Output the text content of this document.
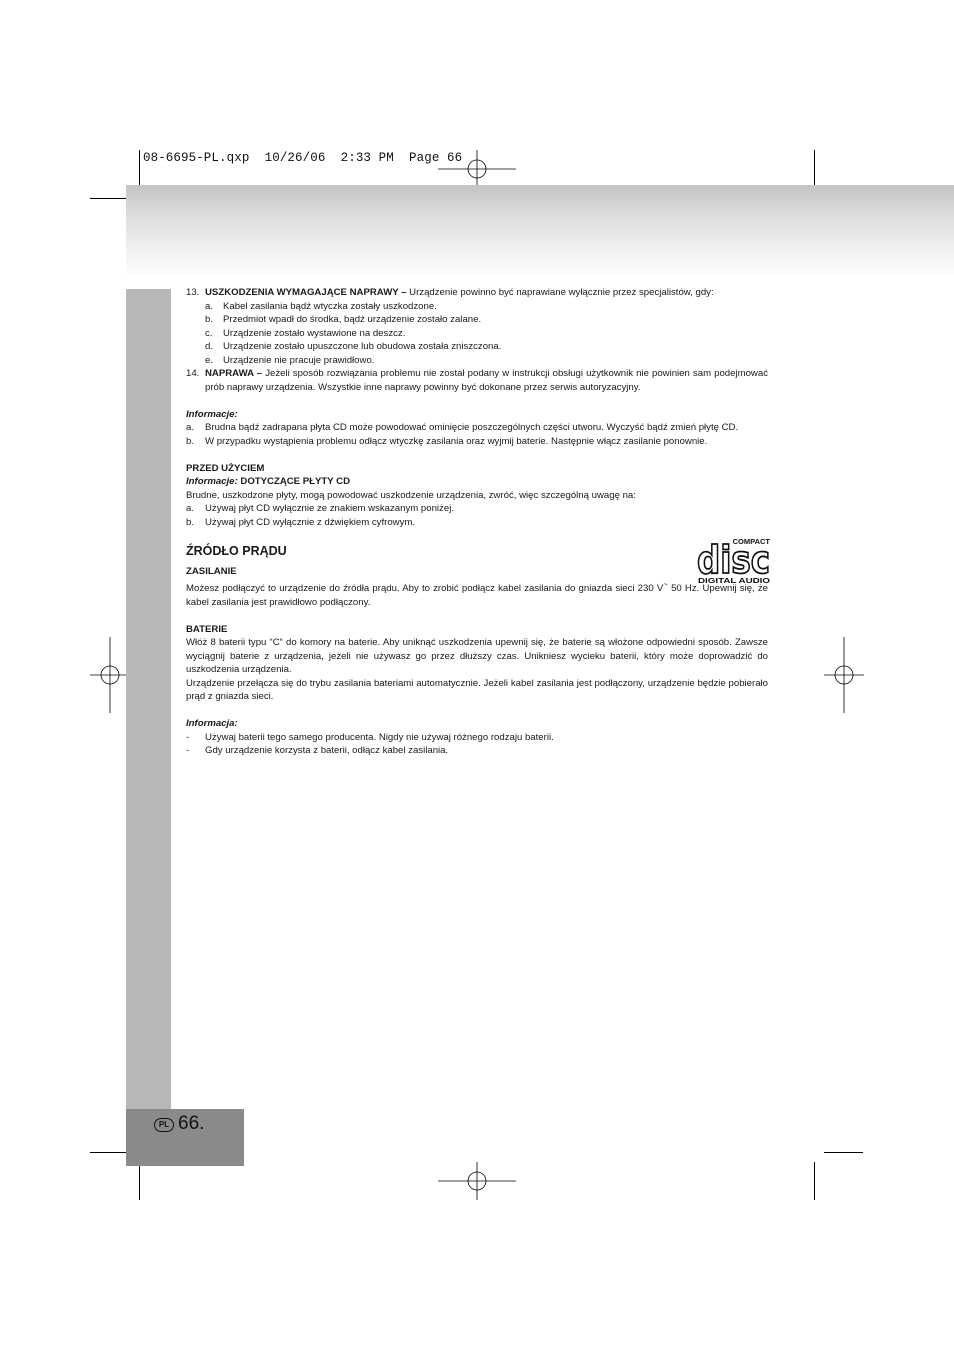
08-6695-PL.qxp  10/26/06  2:33 PM  Page 66
PL 66.
COMPACT
disc
DIGITAL AUDIO
13. USZKODZENIA WYMAGAJĄCE NAPRAWY – Urządzenie powinno być naprawiane wyłącznie przez specjalistów, gdy:
a.	Kabel zasilania bądź wtyczka zostały uszkodzone.
b.	Przedmiot wpadł do środka, bądź urządzenie zostało zalane.
c.	Urządzenie zostało wystawione na deszcz.
d.	Urządzenie zostało upuszczone lub obudowa została zniszczona.
e.	Urządzenie nie pracuje prawidłowo.
14. NAPRAWA – Jeżeli sposób rozwiązania problemu nie został podany w instrukcji obsługi użytkownik nie powinien sam podejmować prób naprawy urządzenia. Wszystkie inne naprawy powinny być dokonane przez serwis autoryzacyjny.
Informacje:
a.	Brudna bądź zadrapana płyta CD może powodować ominięcie poszczególnych części utworu. Wyczyść bądź zmień płytę CD.
b.	W przypadku wystąpienia problemu odłącz wtyczkę zasilania oraz wyjmij baterie. Następnie włącz zasilanie ponownie.
PRZED UŻYCIEM
Informacje: DOTYCZĄCE PŁYTY CD
Brudne, uszkodzone płyty, mogą powodować uszkodzenie urządzenia, zwróć, więc szczególną uwagę na:
a.	Używaj płyt CD wyłącznie ze znakiem wskazanym poniżej.
b.	Używaj płyt CD wyłącznie z dźwiękiem cyfrowym.
ŹRÓDŁO PRĄDU
ZASILANIE
Możesz podłączyć to urządzenie do źródła prądu. Aby to zrobić podłącz kabel zasilania do gniazda sieci 230 V~ 50 Hz. Upewnij się, że kabel zasilania jest prawidłowo podłączony.
BATERIE
Włóż 8 baterii typu “C“ do komory na baterie. Aby uniknąć uszkodzenia upewnij się, że baterie są włożone odpowiedni sposób. Zawsze wyciągnij baterie z urządzenia, jeżeli nie używasz go przez dłuższy czas. Unikniesz wycieku baterii, który może doprowadzić do uszkodzenia urządzenia.
Urządzenie przełącza się do trybu zasilania bateriami automatycznie. Jeżeli kabel zasilania jest podłączony, urządzenie będzie pobierało prąd z gniazda sieci.
Informacja:
-	Używaj baterii tego samego producenta. Nigdy nie używaj różnego rodzaju baterii.
-	Gdy urządzenie korzysta z baterii, odłącz kabel zasilania.
